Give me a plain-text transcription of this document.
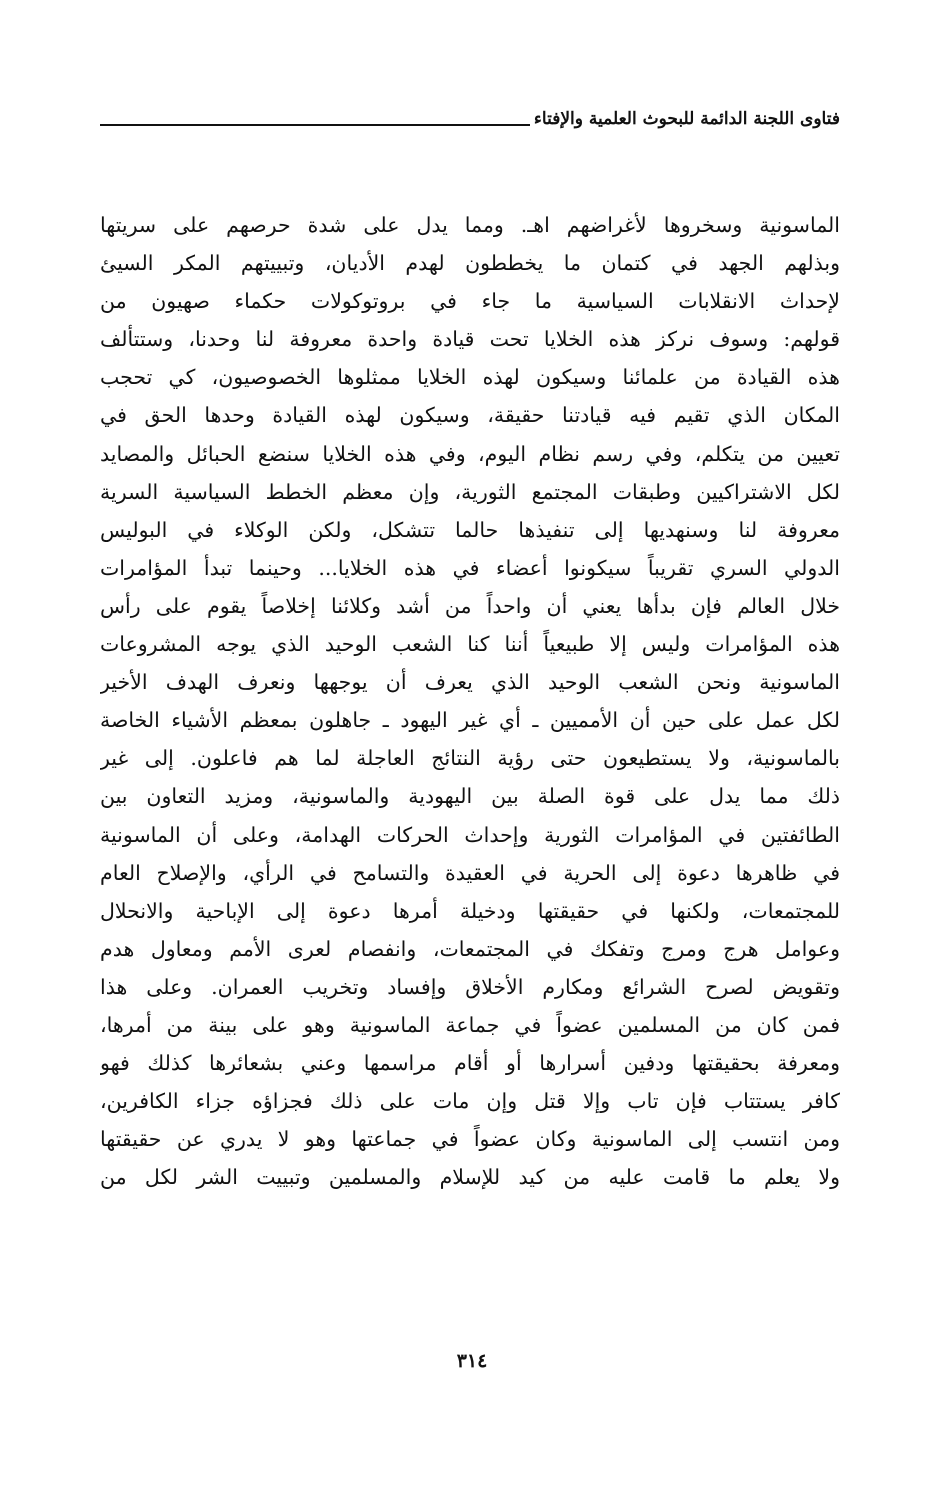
فتاوى اللجنة الدائمة للبحوث العلمية والإفتاء
الماسونية وسخروها لأغراضهم اهـ. ومما يدل على شدة حرصهم على سريتها
وبذلهم الجهد في كتمان ما يخططون لهدم الأديان، وتبييتهم المكر السيئ
لإحداث الانقلابات السياسية ما جاء في بروتوكولات حكماء صهيون من
قولهم: وسوف نركز هذه الخلايا تحت قيادة واحدة معروفة لنا وحدنا، وستتألف
هذه القيادة من علمائنا وسيكون لهذه الخلايا ممثلوها الخصوصيون، كي تحجب
المكان الذي تقيم فيه قيادتنا حقيقة، وسيكون لهذه القيادة وحدها الحق في
تعيين من يتكلم، وفي رسم نظام اليوم، وفي هذه الخلايا سنضع الحبائل والمصايد
لكل الاشتراكيين وطبقات المجتمع الثورية، وإن معظم الخطط السياسية السرية
معروفة لنا وسنهديها إلى تنفيذها حالما تتشكل، ولكن الوكلاء في البوليس
الدولي السري تقريباً سيكونوا أعضاء في هذه الخلايا... وحينما تبدأ المؤامرات
خلال العالم فإن بدأها يعني أن واحداً من أشد وكلائنا إخلاصاً يقوم على رأس
هذه المؤامرات وليس إلا طبيعياً أننا كنا الشعب الوحيد الذي يوجه المشروعات
الماسونية ونحن الشعب الوحيد الذي يعرف أن يوجهها ونعرف الهدف الأخير
لكل عمل على حين أن الأمميين ـ أي غير اليهود ـ جاهلون بمعظم الأشياء الخاصة
بالماسونية، ولا يستطيعون حتى رؤية النتائج العاجلة لما هم فاعلون. إلى غير
ذلك مما يدل على قوة الصلة بين اليهودية والماسونية، ومزيد التعاون بين
الطائفتين في المؤامرات الثورية وإحداث الحركات الهدامة، وعلى أن الماسونية
في ظاهرها دعوة إلى الحرية في العقيدة والتسامح في الرأي، والإصلاح العام
للمجتمعات، ولكنها في حقيقتها ودخيلة أمرها دعوة إلى الإباحية والانحلال
وعوامل هرج ومرج وتفكك في المجتمعات، وانفصام لعرى الأمم ومعاول هدم
وتقويض لصرح الشرائع ومكارم الأخلاق وإفساد وتخريب العمران. وعلى هذا
فمن كان من المسلمين عضواً في جماعة الماسونية وهو على بينة من أمرها،
ومعرفة بحقيقتها ودفين أسرارها أو أقام مراسمها وعني بشعائرها كذلك فهو
كافر يستتاب فإن تاب وإلا قتل وإن مات على ذلك فجزاؤه جزاء الكافرين،
ومن انتسب إلى الماسونية وكان عضواً في جماعتها وهو لا يدري عن حقيقتها
ولا يعلم ما قامت عليه من كيد للإسلام والمسلمين وتبييت الشر لكل من
٣١٤
